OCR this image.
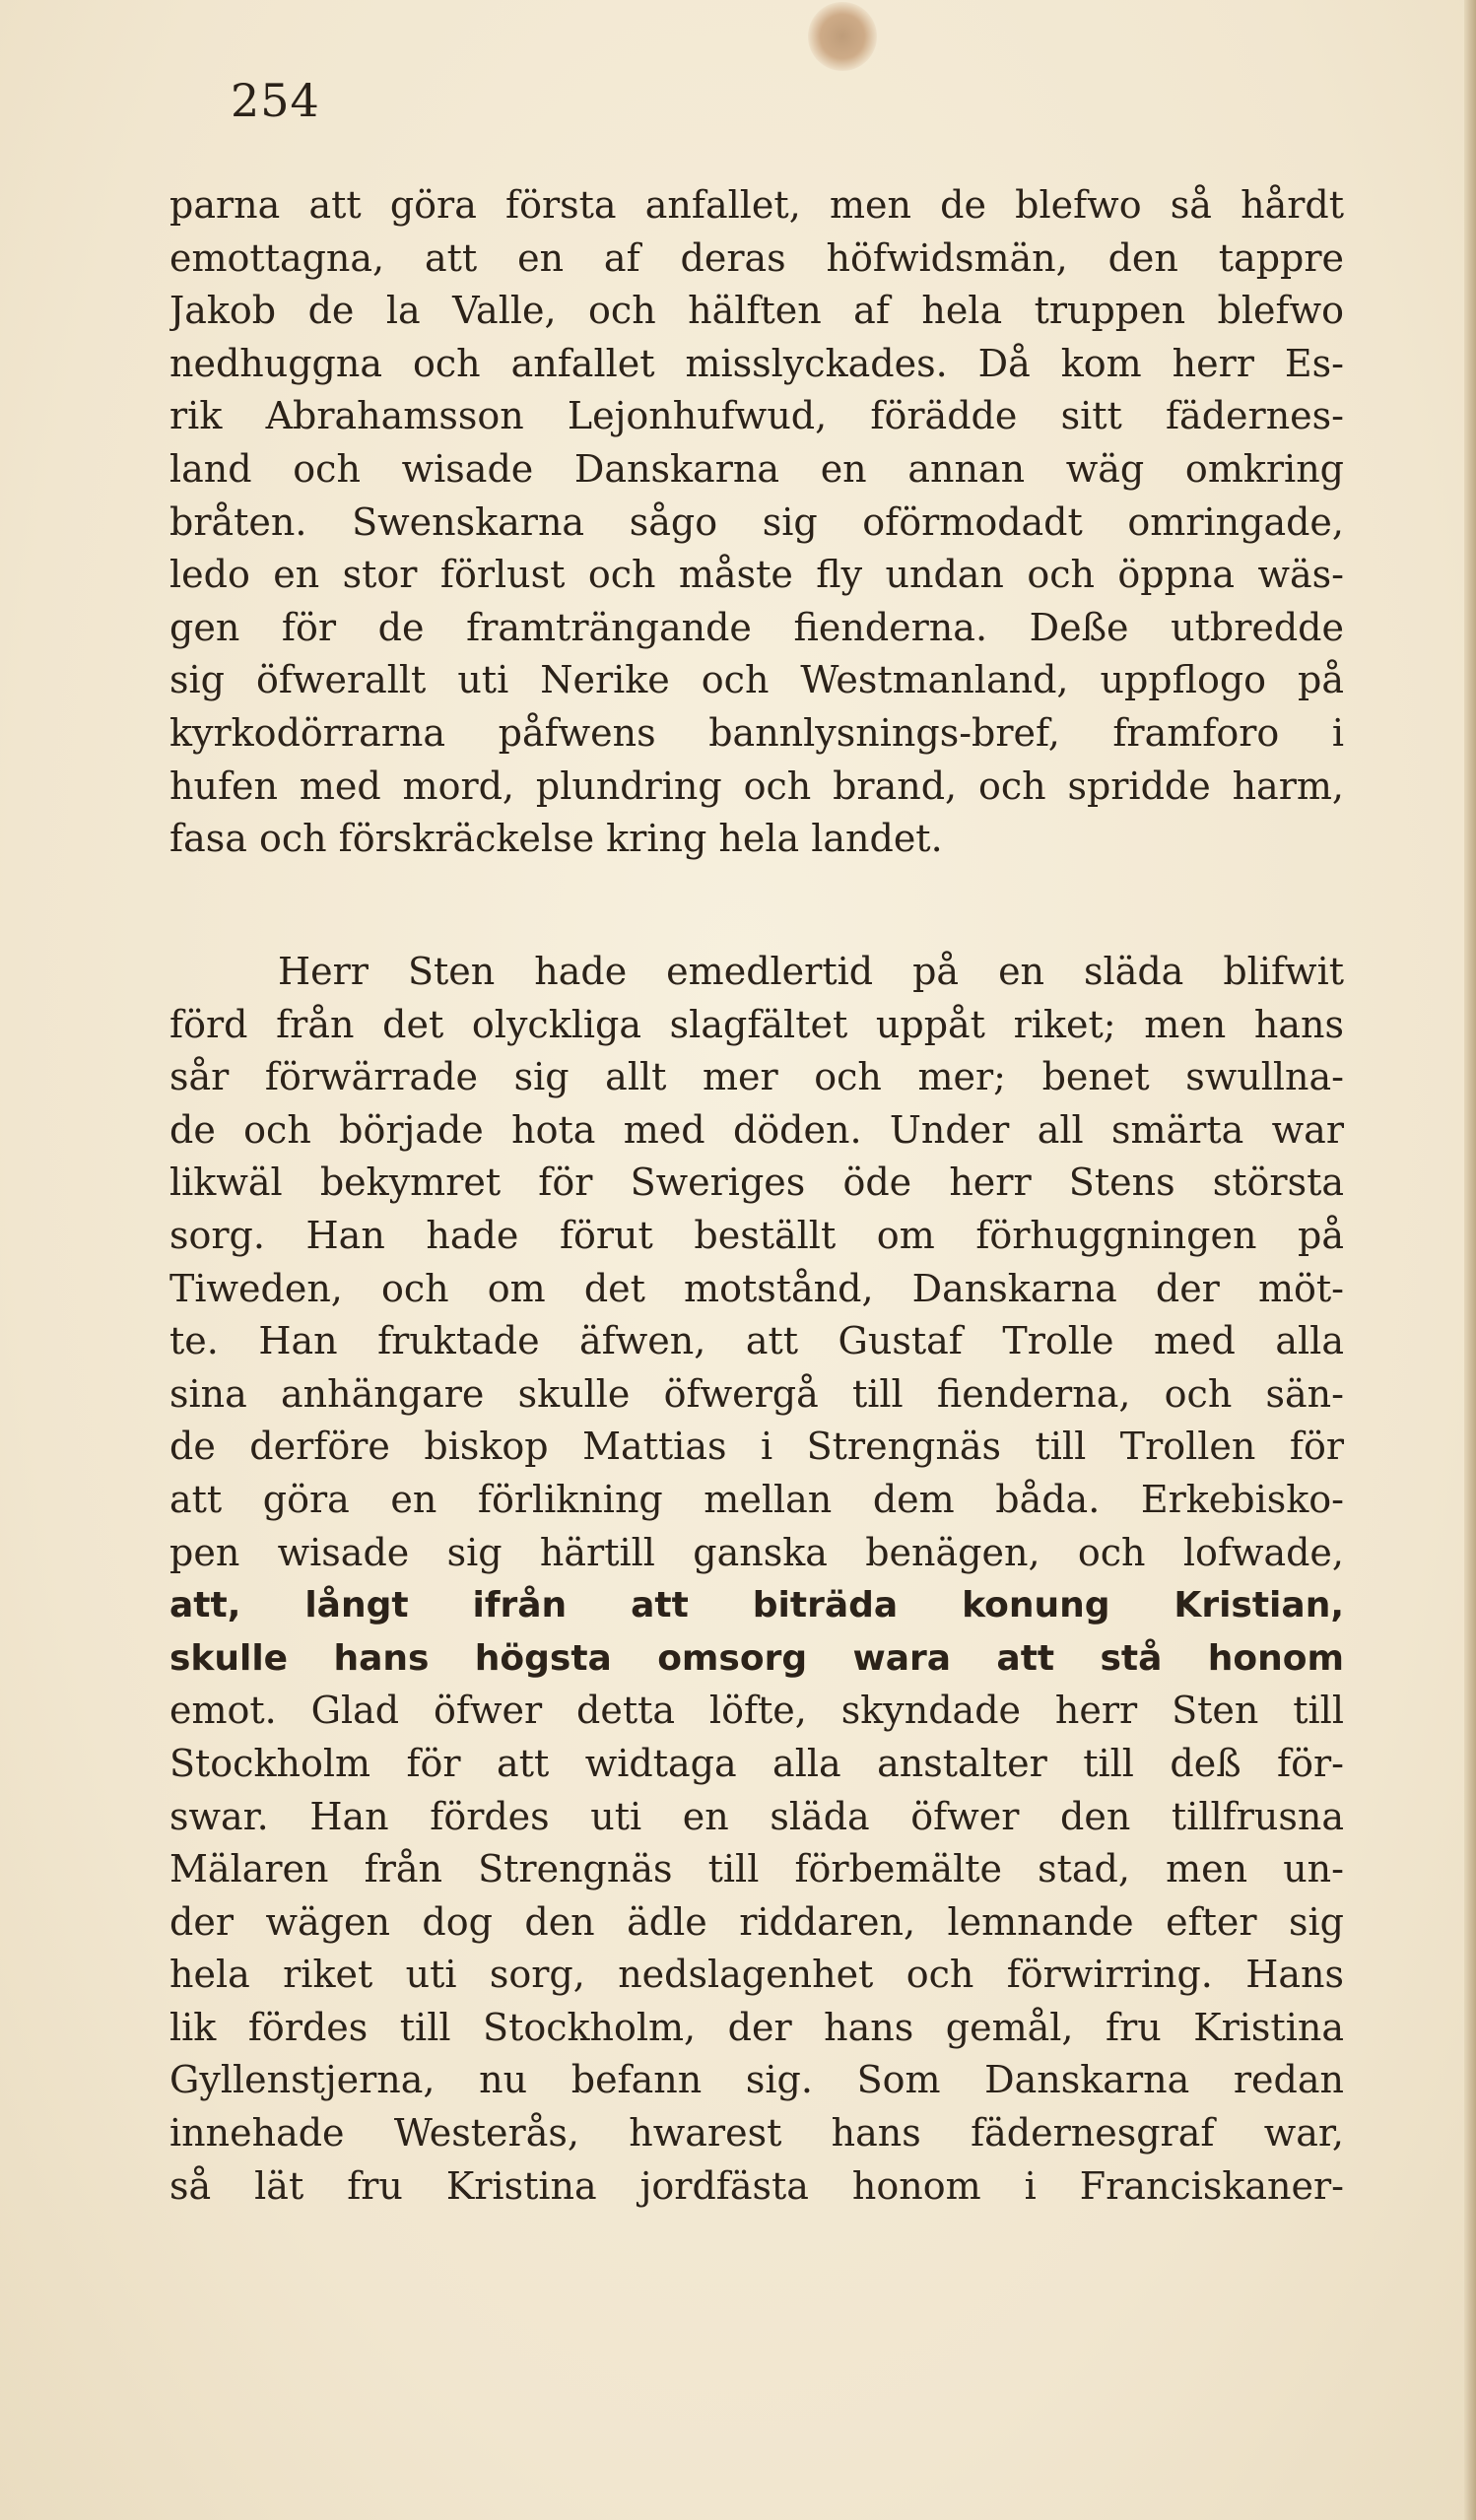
254
parna att göra första anfallet, men de blefwo så hårdt
emottagna, att en af deras höfwidsmän, den tappre
Jakob de la Valle, och hälften af hela truppen blefwo
nedhuggna och anfallet misslyckades. Då kom herr Es-
rik Abrahamsson Lejonhufwud, förädde sitt fädernes-
land och wisade Danskarna en annan wäg omkring
bråten. Swenskarna sågo sig oförmodadt omringade,
ledo en stor förlust och måste fly undan och öppna wäs-
gen för de framträngande fienderna. Deße utbredde
sig öfwerallt uti Nerike och Westmanland, uppflogo på
kyrkodörrarna påfwens bannlysnings-bref, framforo i
hufen med mord, plundring och brand, och spridde harm,
fasa och förskräckelse kring hela landet.
Herr Sten hade emedlertid på en släda blifwit
förd från det olyckliga slagfältet uppåt riket; men hans
sår förwärrade sig allt mer och mer; benet swullna-
de och började hota med döden. Under all smärta war
likwäl bekymret för Sweriges öde herr Stens största
sorg. Han hade förut beställt om förhuggningen på
Tiweden, och om det motstånd, Danskarna der möt-
te. Han fruktade äfwen, att Gustaf Trolle med alla
sina anhängare skulle öfwergå till fienderna, och sän-
de derföre biskop Mattias i Strengnäs till Trollen för
att göra en förlikning mellan dem båda. Erkebisko-
pen wisade sig härtill ganska benägen, och lofwade,
att, långt ifrån att biträda konung Kristian,
skulle hans högsta omsorg wara att stå honom
emot. Glad öfwer detta löfte, skyndade herr Sten till
Stockholm för att widtaga alla anstalter till deß för-
swar. Han fördes uti en släda öfwer den tillfrusna
Mälaren från Strengnäs till förbemälte stad, men un-
der wägen dog den ädle riddaren, lemnande efter sig
hela riket uti sorg, nedslagenhet och förwirring. Hans
lik fördes till Stockholm, der hans gemål, fru Kristina
Gyllenstjerna, nu befann sig. Som Danskarna redan
innehade Westerås, hwarest hans fädernesgraf war,
så lät fru Kristina jordfästa honom i Franciskaner-
